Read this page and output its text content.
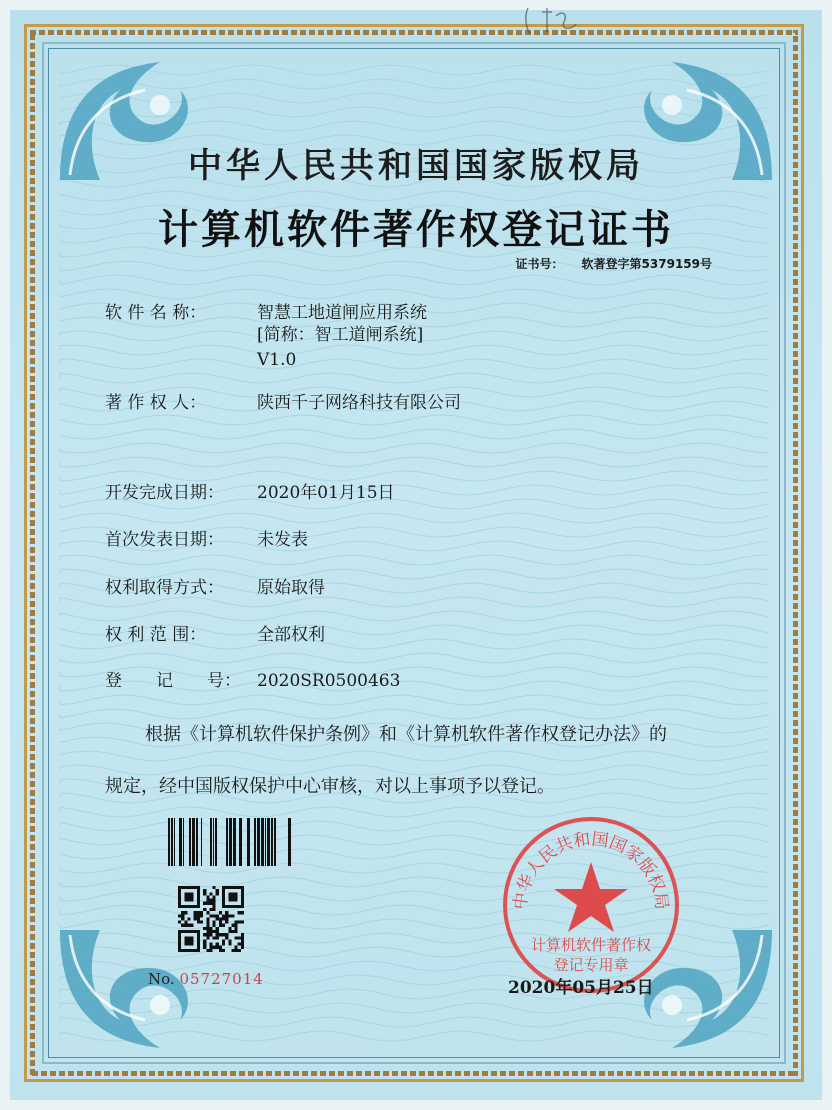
中华人民共和国国家版权局
计算机软件著作权登记证书
证书号： 软著登字第5379159号
软 件 名 称：	智慧工地道闸应用系统
[简称：智工道闸系统]
V1.0
著 作 权 人：	陕西千子网络科技有限公司
开发完成日期： 2020年01月15日
首次发表日期： 未发表
权利取得方式： 原始取得
权 利 范 围：	全部权利
登　　记　　号： 2020SR0500463
根据《计算机软件保护条例》和《计算机软件著作权登记办法》的
规定，经中国版权保护中心审核，对以上事项予以登记。
No. 05727014
中华人民共和国国家版权局
计算机软件著作权
登记专用章
2020年05月25日
